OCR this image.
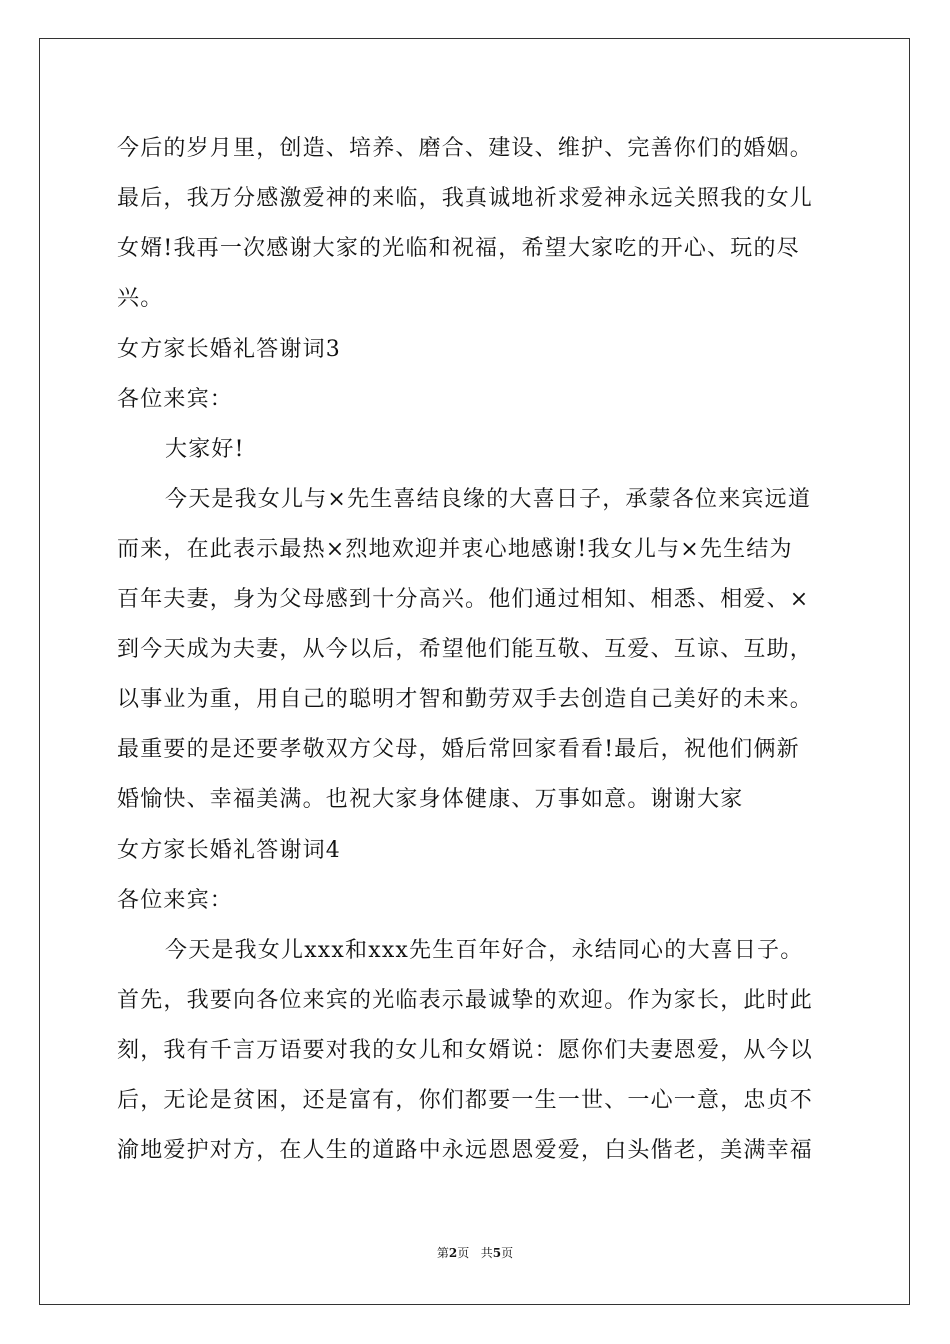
今后的岁月里，创造、培养、磨合、建设、维护、完善你们的婚姻。
最后，我万分感激爱神的来临，我真诚地祈求爱神永远关照我的女儿
女婿!我再一次感谢大家的光临和祝福，希望大家吃的开心、玩的尽
兴。
女方家长婚礼答谢词3
各位来宾：
大家好!
今天是我女儿与×先生喜结良缘的大喜日子，承蒙各位来宾远道
而来，在此表示最热×烈地欢迎并衷心地感谢!我女儿与×先生结为
百年夫妻，身为父母感到十分高兴。他们通过相知、相悉、相爱、×
到今天成为夫妻，从今以后，希望他们能互敬、互爱、互谅、互助，
以事业为重，用自己的聪明才智和勤劳双手去创造自己美好的未来。
最重要的是还要孝敬双方父母，婚后常回家看看!最后，祝他们俩新
婚愉快、幸福美满。也祝大家身体健康、万事如意。谢谢大家
女方家长婚礼答谢词4
各位来宾：
今天是我女儿xxx和xxx先生百年好合，永结同心的大喜日子。
首先，我要向各位来宾的光临表示最诚挚的欢迎。作为家长，此时此
刻，我有千言万语要对我的女儿和女婿说：愿你们夫妻恩爱，从今以
后，无论是贫困，还是富有，你们都要一生一世、一心一意，忠贞不
渝地爱护对方，在人生的道路中永远恩恩爱爱，白头偕老，美满幸福
第2页 共5页
